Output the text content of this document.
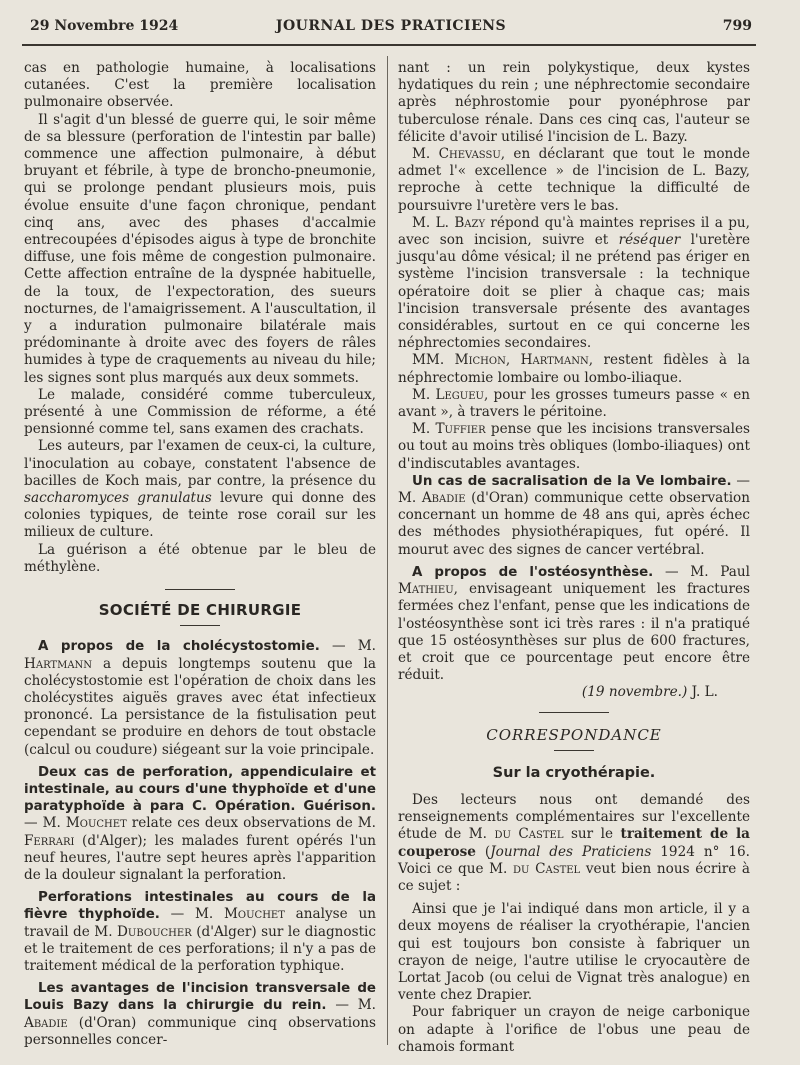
29 Novembre 1924	JOURNAL DES PRATICIENS	799

cas en pathologie humaine, à localisations cutanées. C'est la première localisation pulmonaire observée.

Il s'agit d'un blessé de guerre qui, le soir même de sa blessure (perforation de l'intestin par balle) commence une affection pulmonaire, à début bruyant et fébrile, à type de broncho-pneumonie, qui se prolonge pendant plusieurs mois, puis évolue ensuite d'une façon chronique, pendant cinq ans, avec des phases d'accalmie entrecoupées d'épisodes aigus à type de bronchite diffuse, une fois même de congestion pulmonaire. Cette affection entraîne de la dyspnée habituelle, de la toux, de l'expectoration, des sueurs nocturnes, de l'amaigrissement. A l'auscultation, il y a induration pulmonaire bilatérale mais prédominante à droite avec des foyers de râles humides à type de craquements au niveau du hile; les signes sont plus marqués aux deux sommets.

Le malade, considéré comme tuberculeux, présenté à une Commission de réforme, a été pensionné comme tel, sans examen des crachats.

Les auteurs, par l'examen de ceux-ci, la culture, l'inoculation au cobaye, constatent l'absence de bacilles de Koch mais, par contre, la présence du saccharomyces granulatus levure qui donne des colonies typiques, de teinte rose corail sur les milieux de culture.

La guérison a été obtenue par le bleu de méthylène.

SOCIÉTÉ DE CHIRURGIE

A propos de la cholécystostomie. — M. Hartmann a depuis longtemps soutenu que la cholécystostomie est l'opération de choix dans les cholécystites aiguës graves avec état infectieux prononcé. La persistance de la fistulisation peut cependant se produire en dehors de tout obstacle (calcul ou coudure) siégeant sur la voie principale.

Deux cas de perforation, appendiculaire et intestinale, au cours d'une thyphoïde et d'une paratyphoïde à para C. Opération. Guérison. — M. Mouchet relate ces deux observations de M. Ferrari (d'Alger); les malades furent opérés l'un neuf heures, l'autre sept heures après l'apparition de la douleur signalant la perforation.

Perforations intestinales au cours de la fièvre thyphoïde. — M. Mouchet analyse un travail de M. Duboucher (d'Alger) sur le diagnostic et le traitement de ces perforations; il n'y a pas de traitement médical de la perforation typhique.

Les avantages de l'incision transversale de Louis Bazy dans la chirurgie du rein. — M. Abadie (d'Oran) communique cinq observations personnelles concer-

nant : un rein polykystique, deux kystes hydatiques du rein ; une néphrectomie secondaire après néphrostomie pour pyonéphrose par tuberculose rénale. Dans ces cinq cas, l'auteur se félicite d'avoir utilisé l'incision de L. Bazy.

M. Chevassu, en déclarant que tout le monde admet l'« excellence » de l'incision de L. Bazy, reproche à cette technique la difficulté de poursuivre l'uretère vers le bas.

M. L. Bazy répond qu'à maintes reprises il a pu, avec son incision, suivre et réséquer l'uretère jusqu'au dôme vésical; il ne prétend pas ériger en système l'incision transversale : la technique opératoire doit se plier à chaque cas; mais l'incision transversale présente des avantages considérables, surtout en ce qui concerne les néphrectomies secondaires.

MM. Michon, Hartmann, restent fidèles à la néphrectomie lombaire ou lombo-iliaque.

M. Legueu, pour les grosses tumeurs passe « en avant », à travers le péritoine.

M. Tuffier pense que les incisions transversales ou tout au moins très obliques (lombo-iliaques) ont d'indiscutables avantages.

Un cas de sacralisation de la Ve lombaire. — M. Abadie (d'Oran) communique cette observation concernant un homme de 48 ans qui, après échec des méthodes physiothérapiques, fut opéré. Il mourut avec des signes de cancer vertébral.

A propos de l'ostéosynthèse. — M. Paul Mathieu, envisageant uniquement les fractures fermées chez l'enfant, pense que les indications de l'ostéosynthèse sont ici très rares : il n'a pratiqué que 15 ostéosynthèses sur plus de 600 fractures, et croit que ce pourcentage peut encore être réduit.

(19 novembre.) J. L.

CORRESPONDANCE
Sur la cryothérapie.

Des lecteurs nous ont demandé des renseignements complémentaires sur l'excellente étude de M. du Castel sur le traitement de la couperose (Journal des Praticiens 1924 n° 16. Voici ce que M. du Castel veut bien nous écrire à ce sujet :

Ainsi que je l'ai indiqué dans mon article, il y a deux moyens de réaliser la cryothérapie, l'ancien qui est toujours bon consiste à fabriquer un crayon de neige, l'autre utilise le cryocautère de Lortat Jacob (ou celui de Vignat très analogue) en vente chez Drapier.

Pour fabriquer un crayon de neige carbonique on adapte à l'orifice de l'obus une peau de chamois formant
